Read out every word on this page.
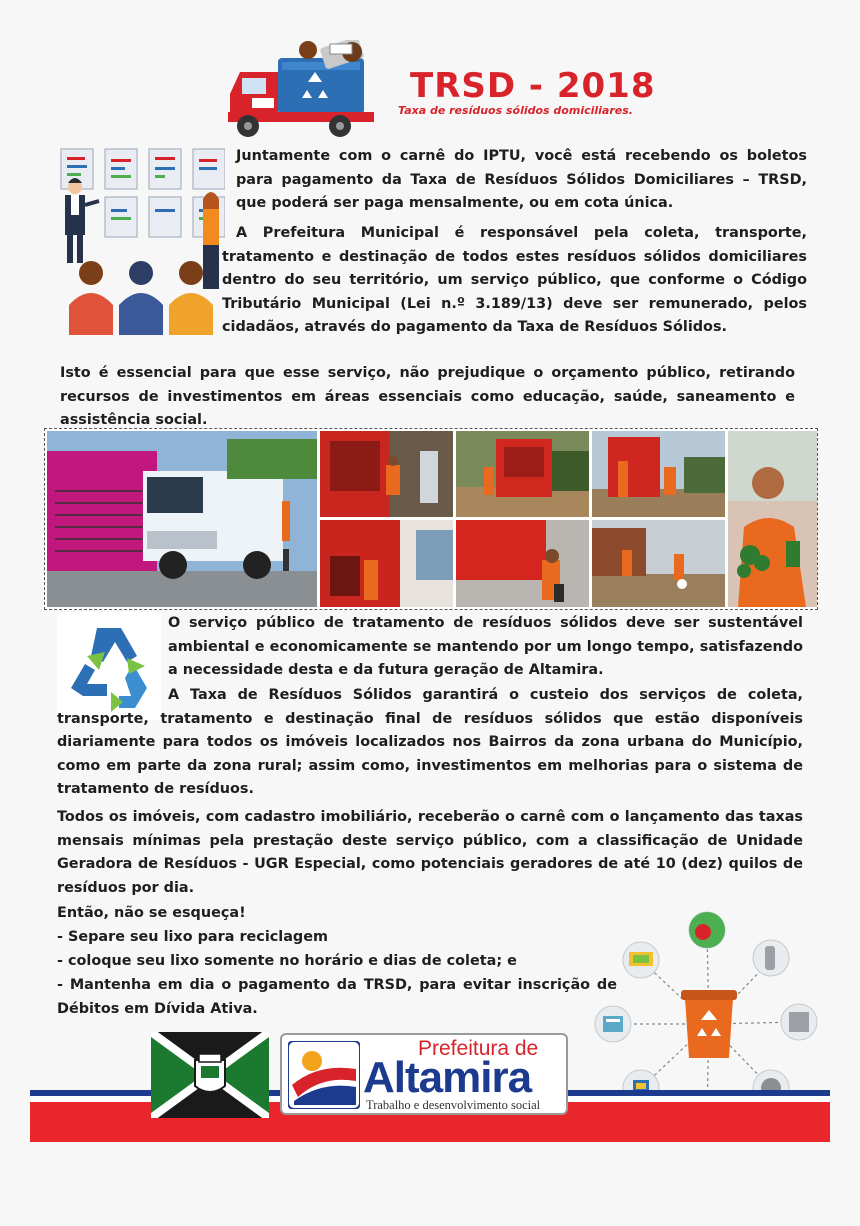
TRSD - 2018
Taxa de resíduos sólidos domiciliares.
Juntamente com o carnê do IPTU, você está recebendo os boletos para pagamento da Taxa de Resíduos Sólidos Domiciliares – TRSD, que poderá ser paga mensalmente, ou em cota única.
A Prefeitura Municipal é responsável pela coleta, transporte, tratamento e destinação de todos estes resíduos sólidos domiciliares dentro do seu território, um serviço público, que conforme o Código Tributário Municipal (Lei n.º 3.189/13) deve ser remunerado, pelos cidadãos, através do pagamento da Taxa de Resíduos Sólidos.
Isto é essencial para que esse serviço, não prejudique o orçamento público, retirando recursos de investimentos em áreas essenciais como educação, saúde, saneamento e assistência social.
O serviço público de tratamento de resíduos sólidos deve ser sustentável ambiental e economicamente se mantendo por um longo tempo, satisfazendo a necessidade desta e da futura geração de Altamira.
A Taxa de Resíduos Sólidos garantirá o custeio dos serviços de coleta, transporte, tratamento e destinação final de resíduos sólidos que estão disponíveis diariamente para todos os imóveis localizados nos Bairros da zona urbana do Município, como em parte da zona rural; assim como, investimentos em melhorias para o sistema de tratamento de resíduos.
Todos os imóveis, com cadastro imobiliário, receberão o carnê com o lançamento das taxas mensais mínimas pela prestação deste serviço público, com a classificação de Unidade Geradora de Resíduos - UGR Especial, como potenciais geradores de até 10 (dez) quilos de resíduos por dia.
Então, não se esqueça!
- Separe seu lixo para reciclagem
- coloque seu lixo somente no horário e dias de coleta; e
- Mantenha em dia o pagamento da TRSD, para evitar inscrição de Débitos em Dívida Ativa.
Prefeitura de
Altamira
Trabalho e desenvolvimento social
